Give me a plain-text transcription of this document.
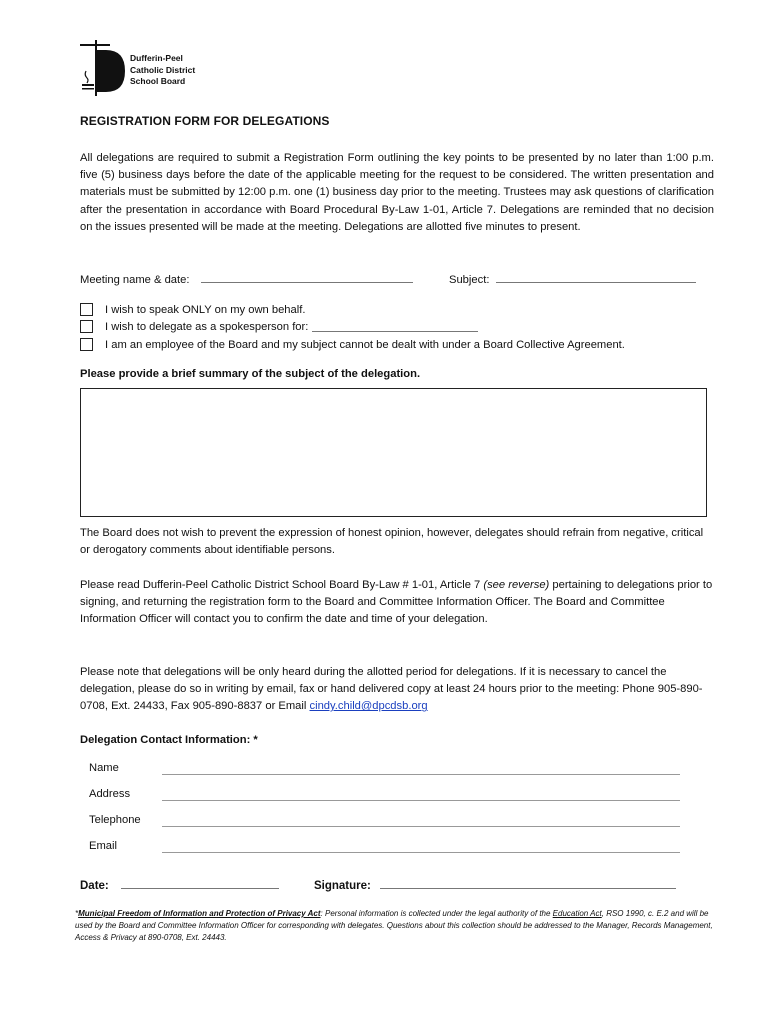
Dufferin-Peel
Catholic District
School Board
REGISTRATION FORM FOR DELEGATIONS
All delegations are required to submit a Registration Form outlining the key points to be presented by no later than 1:00 p.m. five (5) business days before the date of the applicable meeting for the request to be considered. The written presentation and materials must be submitted by 12:00 p.m. one (1) business day prior to the meeting. Trustees may ask questions of clarification after the presentation in accordance with Board Procedural By-Law 1-01, Article 7. Delegations are reminded that no decision on the issues presented will be made at the meeting. Delegations are allotted five minutes to present.
Meeting name & date:	Subject:
I wish to speak ONLY on my own behalf.
I wish to delegate as a spokesperson for:
I am an employee of the Board and my subject cannot be dealt with under a Board Collective Agreement.
Please provide a brief summary of the subject of the delegation.
The Board does not wish to prevent the expression of honest opinion, however, delegates should refrain from negative, critical or derogatory comments about identifiable persons.
Please read Dufferin-Peel Catholic District School Board By-Law # 1-01, Article 7 (see reverse) pertaining to delegations prior to signing, and returning the registration form to the Board and Committee Information Officer. The Board and Committee Information Officer will contact you to confirm the date and time of your delegation.
Please note that delegations will be only heard during the allotted period for delegations. If it is necessary to cancel the delegation, please do so in writing by email, fax or hand delivered copy at least 24 hours prior to the meeting: Phone 905-890-0708, Ext. 24433, Fax 905-890-8837 or Email cindy.child@dpcdsb.org
Delegation Contact Information: *
Name
Address
Telephone
Email
Date:	Signature:
*Municipal Freedom of Information and Protection of Privacy Act: Personal information is collected under the legal authority of the Education Act, RSO 1990, c. E.2 and will be used by the Board and Committee Information Officer for corresponding with delegates. Questions about this collection should be addressed to the Manager, Records Management, Access & Privacy at 890-0708, Ext. 24443.
